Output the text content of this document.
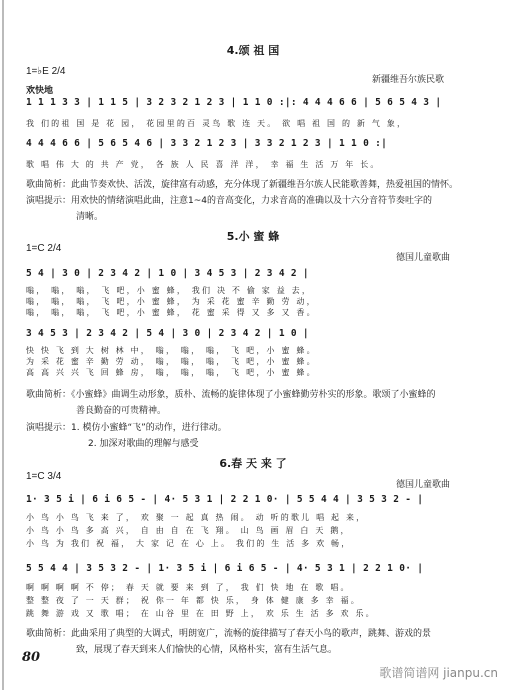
4.颂 祖 国
1=♭E 2/4
新疆维吾尔族民歌
欢快地
1 1 1 3 3 | 1 1 5 | 3 2 3 2 1 2 3 | 1 1 0 :|: 4 4 4 6 6 | 5 6 5 4 3 |
我 们的祖 国 是 花 园， 花园里的百 灵鸟 歌 连 天。 欲 唱 祖 国 的 新 气 象，
4 4 4 6 6 | 5 6 5 4 6 | 3 3 2 1 2 3 | 3 3 2 1 2 3 | 1 1 0 :|
歌 唱 伟 大 的 共 产 党， 各 族 人 民 喜 洋 洋， 幸 福 生 活 万 年 长。
歌曲简析：此曲节奏欢快、活泼，旋律富有动感，充分体现了新疆维吾尔族人民能歌善舞，热爱祖国的情怀。
演唱提示：用欢快的情绪演唱此曲，注意1~4的音高变化，力求音高的准确以及十六分音符节奏吐字的
清晰。
5.小 蜜 蜂
1=C 2/4
德国儿童歌曲
5 4 | 3 0 | 2 3 4 2 | 1 0 | 3 4 5 3 | 2 3 4 2 |
嗡， 嗡， 嗡， 飞 吧，小 蜜 蜂， 我们 决 不 偷 家 益 去，
嗡， 嗡， 嗡， 飞 吧，小 蜜 蜂， 为 采 花 蜜 辛 勤 劳 动，
嗡， 嗡， 嗡， 飞 吧，小 蜜 蜂， 花 蜜 采 得 又 多 又 香。
3 4 5 3 | 2 3 4 2 | 5 4 | 3 0 | 2 3 4 2 | 1 0 |
快 快 飞 到 大 树 林 中， 嗡， 嗡， 嗡， 飞 吧，小 蜜 蜂。
为 采 花 蜜 辛 勤 劳 动， 嗡， 嗡， 嗡， 飞 吧，小 蜜 蜂。
高 高 兴 兴 飞 回 蜂 房， 嗡， 嗡， 嗡， 飞 吧，小 蜜 蜂。
歌曲简析：《小蜜蜂》曲调生动形象，质朴、流畅的旋律体现了小蜜蜂勤劳朴实的形象。歌颂了小蜜蜂的
善良勤奋的可贵精神。
演唱提示：1. 模仿小蜜蜂“飞”的动作，进行律动。
2. 加深对歌曲的理解与感受
6.春 天 来 了
1=C 3/4
德国儿童歌曲
1· 3 5 i | 6 i 6 5 - | 4· 5 3 1 | 2 2 1 0· | 5 5 4 4 | 3 5 3 2 - |
小 鸟 小 鸟 飞 来 了， 欢 聚 一 起 真 热 闹。 动 听的歌儿 唱 起 来，
小 鸟 小 鸟 多 高 兴， 自 由 自 在 飞 翔。 山 鸟 画 眉 白 天 鹅，
小 鸟 为 我们 祝 福， 大 家 记 在 心 上。 我们的 生 活 多 欢 畅，
5 5 4 4 | 3 5 3 2 - | 1· 3 5 i | 6 i 6 5 - | 4· 5 3 1 | 2 2 1 0· |
啊 啊 啊 啊 不 停； 春 天 就 要 来 到 了， 我 们 快 地 在 歌 唱。
整 整 夜 了 一 天 群； 祝 你一 年 都 快 乐， 身 体 健 康 多 幸 福。
跳 舞 游 戏 又 歌 唱； 在 山谷 里 在 田 野 上， 欢 乐 生 活 多 欢 乐。
歌曲简析：此曲采用了典型的大调式，明朗宽广，流畅的旋律描写了春天小鸟的歌声，跳舞、游戏的景
致，展现了春天到来人们愉快的心情，风格朴实，富有生活气息。
80
歌谱简谱网 jianpu.cn
